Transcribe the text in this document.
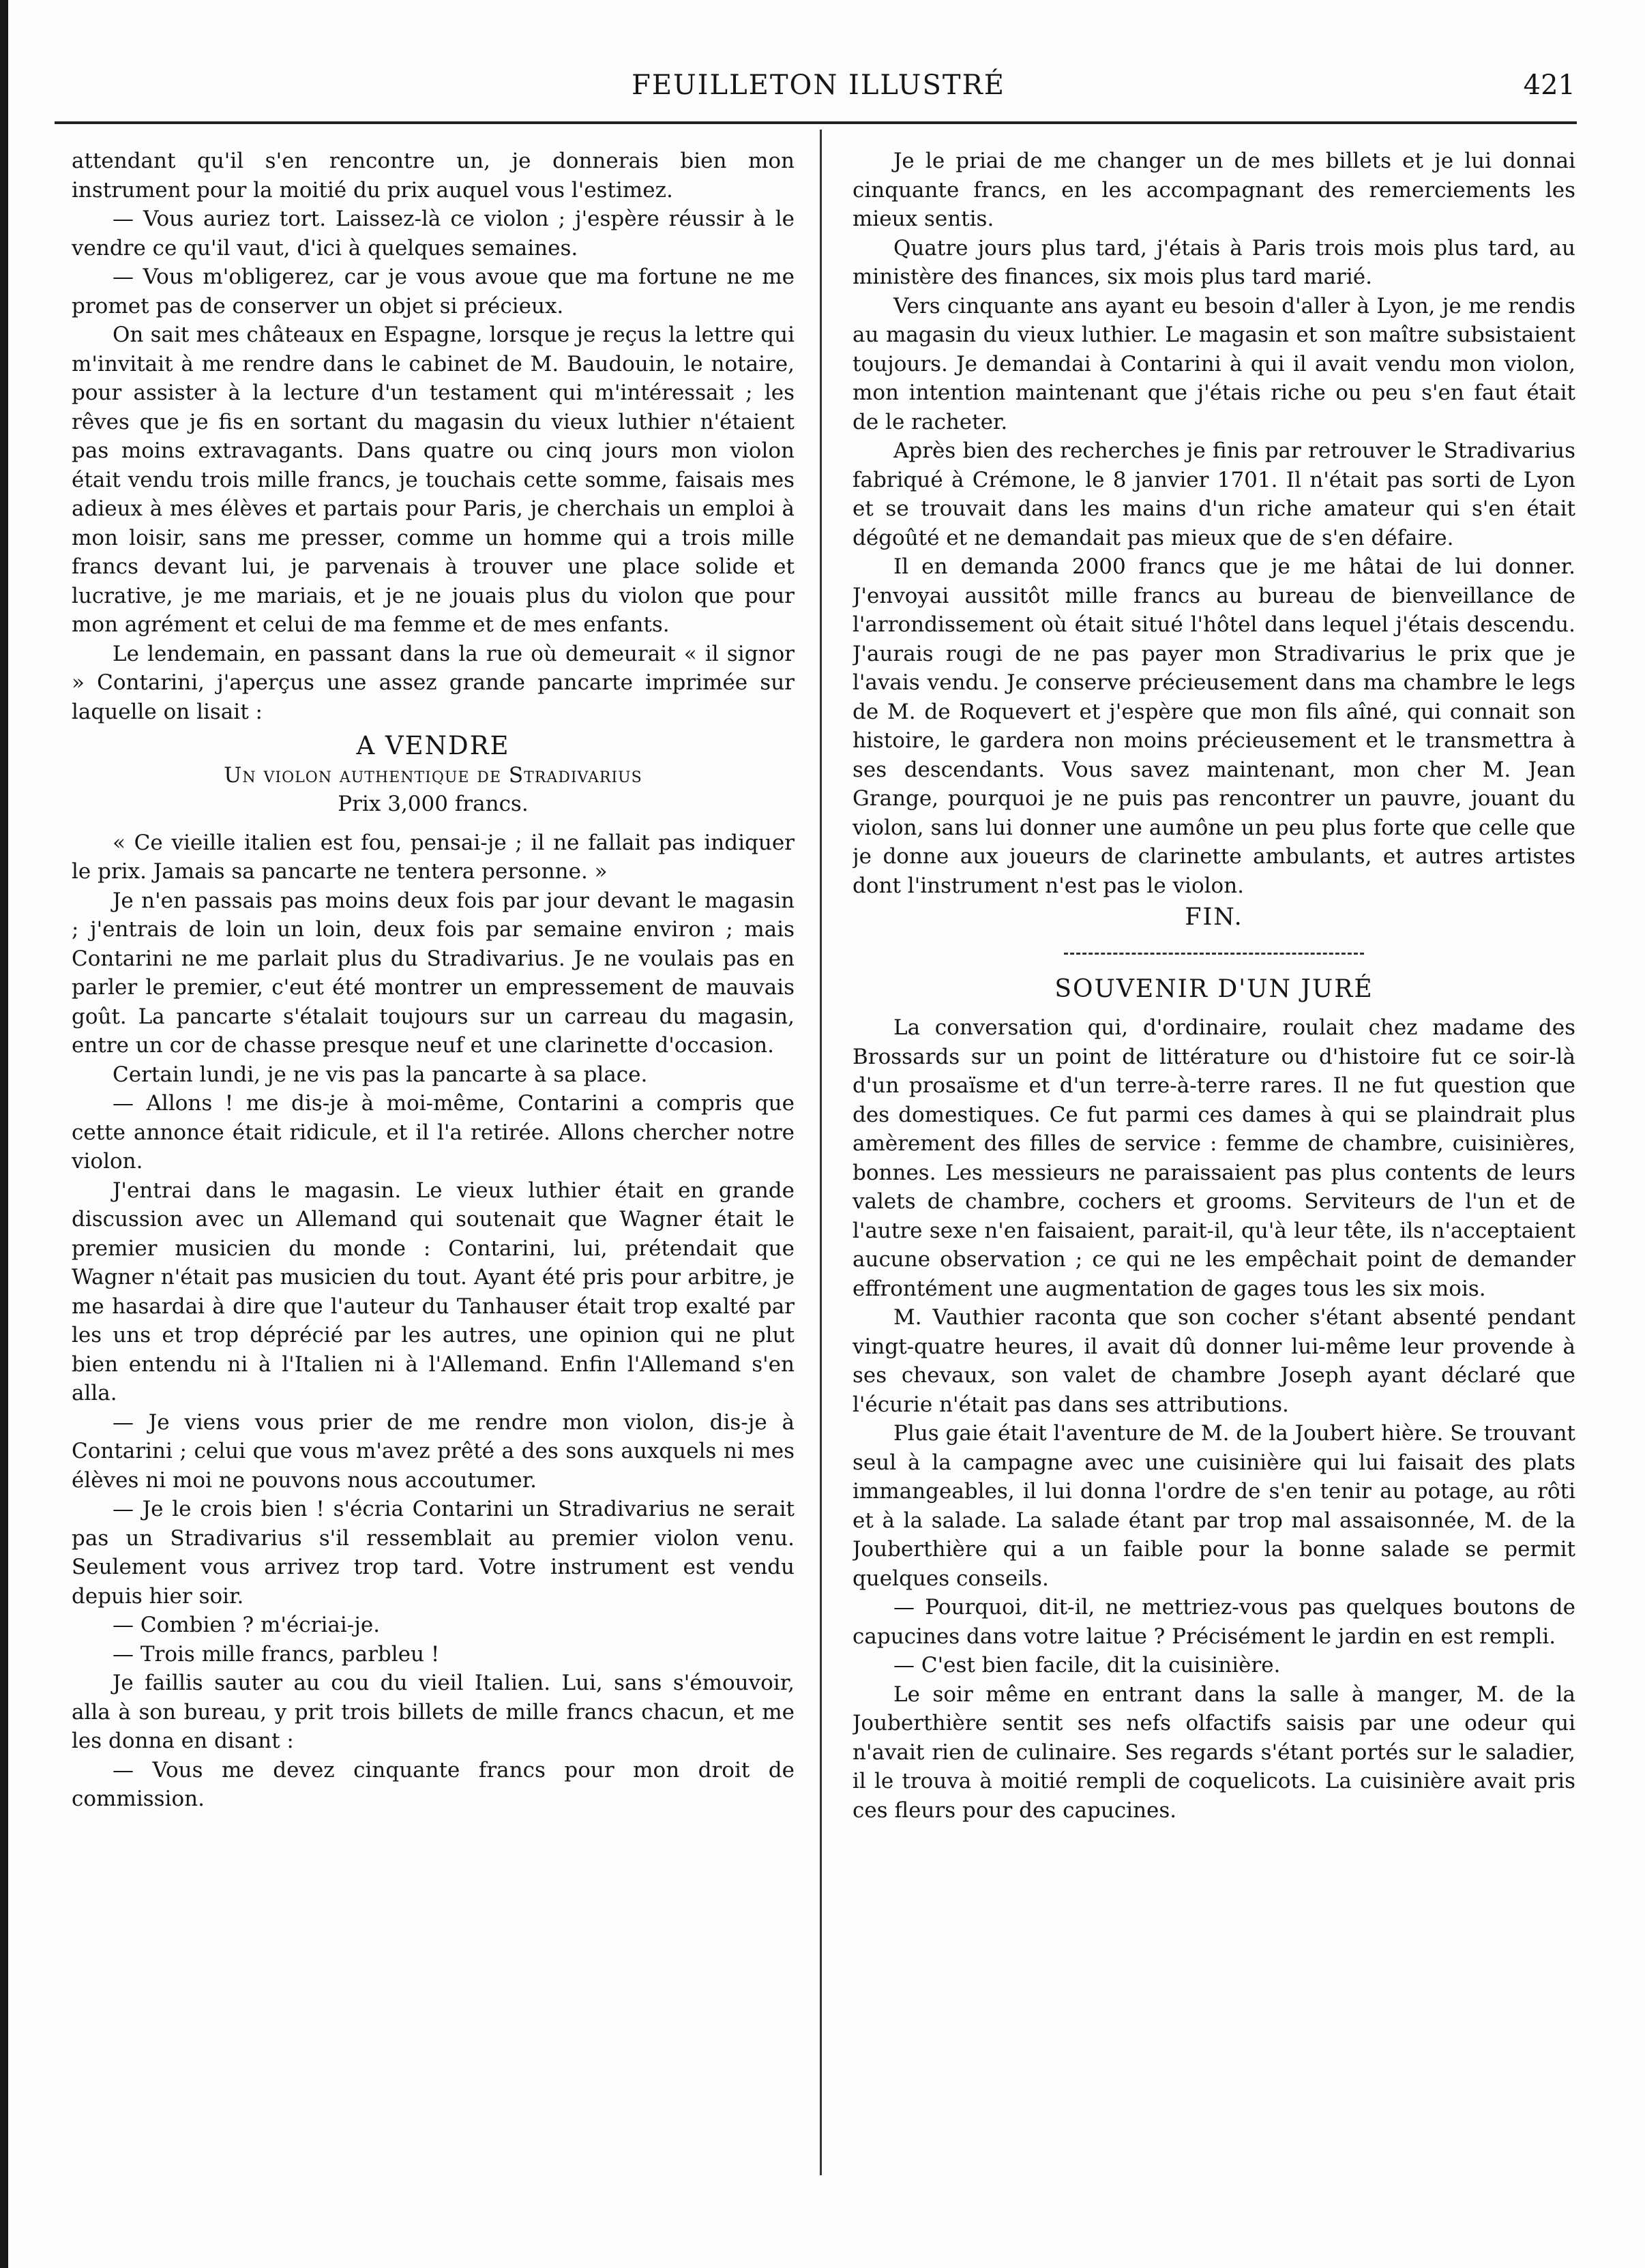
FEUILLETON ILLUSTRÉ	421

attendant qu'il s'en rencontre un, je donnerais bien mon instrument pour la moitié du prix auquel vous l'estimez.

— Vous auriez tort. Laissez-là ce violon ; j'espère réussir à le vendre ce qu'il vaut, d'ici à quelques semaines.

— Vous m'obligerez, car je vous avoue que ma fortune ne me promet pas de conserver un objet si précieux.

On sait mes châteaux en Espagne, lorsque je reçus la lettre qui m'invitait à me rendre dans le cabinet de M. Baudouin, le notaire, pour assister à la lecture d'un testament qui m'intéressait ; les rêves que je fis en sortant du magasin du vieux luthier n'étaient pas moins extravagants. Dans quatre ou cinq jours mon violon était vendu trois mille francs, je touchais cette somme, faisais mes adieux à mes élèves et partais pour Paris, je cherchais un emploi à mon loisir, sans me presser, comme un homme qui a trois mille francs devant lui, je parvenais à trouver une place solide et lucrative, je me mariais, et je ne jouais plus du violon que pour mon agrément et celui de ma femme et de mes enfants.

Le lendemain, en passant dans la rue où demeurait « il signor » Contarini, j'aperçus une assez grande pancarte imprimée sur laquelle on lisait :

A VENDRE

Un violon authentique de Stradivarius

Prix 3,000 francs.

« Ce vieille italien est fou, pensai-je ; il ne fallait pas indiquer le prix. Jamais sa pancarte ne tentera personne. »

Je n'en passais pas moins deux fois par jour devant le magasin ; j'entrais de loin un loin, deux fois par semaine environ ; mais Contarini ne me parlait plus du Stradivarius. Je ne voulais pas en parler le premier, c'eut été montrer un empressement de mauvais goût. La pancarte s'étalait toujours sur un carreau du magasin, entre un cor de chasse presque neuf et une clarinette d'occasion.

Certain lundi, je ne vis pas la pancarte à sa place.

— Allons ! me dis-je à moi-même, Contarini a compris que cette annonce était ridicule, et il l'a retirée. Allons chercher notre violon.

J'entrai dans le magasin. Le vieux luthier était en grande discussion avec un Allemand qui soutenait que Wagner était le premier musicien du monde : Contarini, lui, prétendait que Wagner n'était pas musicien du tout. Ayant été pris pour arbitre, je me hasardai à dire que l'auteur du Tanhauser était trop exalté par les uns et trop déprécié par les autres, une opinion qui ne plut bien entendu ni à l'Italien ni à l'Allemand. Enfin l'Allemand s'en alla.

— Je viens vous prier de me rendre mon violon, dis-je à Contarini ; celui que vous m'avez prêté a des sons auxquels ni mes élèves ni moi ne pouvons nous accoutumer.

— Je le crois bien ! s'écria Contarini un Stradivarius ne serait pas un Stradivarius s'il ressemblait au premier violon venu. Seulement vous arrivez trop tard. Votre instrument est vendu depuis hier soir.

— Combien ? m'écriai-je.

— Trois mille francs, parbleu !

Je faillis sauter au cou du vieil Italien. Lui, sans s'émouvoir, alla à son bureau, y prit trois billets de mille francs chacun, et me les donna en disant :

— Vous me devez cinquante francs pour mon droit de commission.

Je le priai de me changer un de mes billets et je lui donnai cinquante francs, en les accompagnant des remerciements les mieux sentis.

Quatre jours plus tard, j'étais à Paris trois mois plus tard, au ministère des finances, six mois plus tard marié.

Vers cinquante ans ayant eu besoin d'aller à Lyon, je me rendis au magasin du vieux luthier. Le magasin et son maître subsistaient toujours. Je demandai à Contarini à qui il avait vendu mon violon, mon intention maintenant que j'étais riche ou peu s'en faut était de le racheter.

Après bien des recherches je finis par retrouver le Stradivarius fabriqué à Crémone, le 8 janvier 1701. Il n'était pas sorti de Lyon et se trouvait dans les mains d'un riche amateur qui s'en était dégoûté et ne demandait pas mieux que de s'en défaire.

Il en demanda 2000 francs que je me hâtai de lui donner. J'envoyai aussitôt mille francs au bureau de bienveillance de l'arrondissement où était situé l'hôtel dans lequel j'étais descendu. J'aurais rougi de ne pas payer mon Stradivarius le prix que je l'avais vendu. Je conserve précieusement dans ma chambre le legs de M. de Roquevert et j'espère que mon fils aîné, qui connait son histoire, le gardera non moins précieusement et le transmettra à ses descendants. Vous savez maintenant, mon cher M. Jean Grange, pourquoi je ne puis pas rencontrer un pauvre, jouant du violon, sans lui donner une aumône un peu plus forte que celle que je donne aux joueurs de clarinette ambulants, et autres artistes dont l'instrument n'est pas le violon.

FIN.

SOUVENIR D'UN JURÉ

La conversation qui, d'ordinaire, roulait chez madame des Brossards sur un point de littérature ou d'histoire fut ce soir-là d'un prosaïsme et d'un terre-à-terre rares. Il ne fut question que des domestiques. Ce fut parmi ces dames à qui se plaindrait plus amèrement des filles de service : femme de chambre, cuisinières, bonnes. Les messieurs ne paraissaient pas plus contents de leurs valets de chambre, cochers et grooms. Serviteurs de l'un et de l'autre sexe n'en faisaient, parait-il, qu'à leur tête, ils n'acceptaient aucune observation ; ce qui ne les empêchait point de demander effrontément une augmentation de gages tous les six mois.

M. Vauthier raconta que son cocher s'étant absenté pendant vingt-quatre heures, il avait dû donner lui-même leur provende à ses chevaux, son valet de chambre Joseph ayant déclaré que l'écurie n'était pas dans ses attributions.

Plus gaie était l'aventure de M. de la Joubert hière. Se trouvant seul à la campagne avec une cuisinière qui lui faisait des plats immangeables, il lui donna l'ordre de s'en tenir au potage, au rôti et à la salade. La salade étant par trop mal assaisonnée, M. de la Jouberthière qui a un faible pour la bonne salade se permit quelques conseils.

— Pourquoi, dit-il, ne mettriez-vous pas quelques boutons de capucines dans votre laitue ? Précisément le jardin en est rempli.

— C'est bien facile, dit la cuisinière.

Le soir même en entrant dans la salle à manger, M. de la Jouberthière sentit ses nefs olfactifs saisis par une odeur qui n'avait rien de culinaire. Ses regards s'étant portés sur le saladier, il le trouva à moitié rempli de coquelicots. La cuisinière avait pris ces fleurs pour des capucines.
